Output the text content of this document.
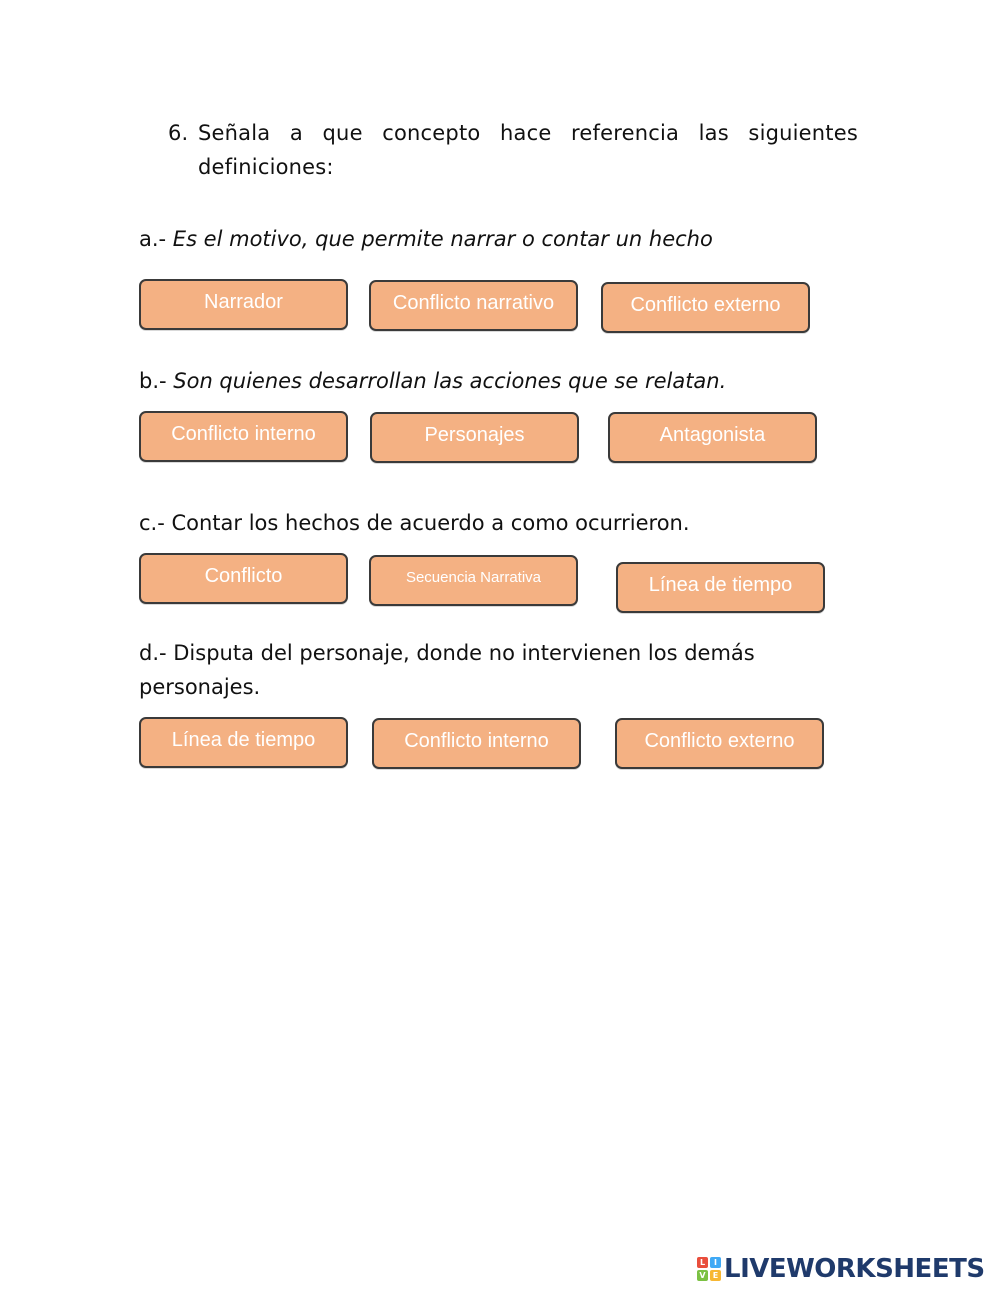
6. Señala a que concepto hace referencia las siguientes definiciones:
a.- Es el motivo, que permite narrar o contar un hecho
Narrador	Conflicto narrativo	Conflicto externo
b.- Son quienes desarrollan las acciones que se relatan.
Conflicto interno	Personajes	Antagonista
c.- Contar los hechos de acuerdo a como ocurrieron.
Conflicto	Secuencia Narrativa	Línea de tiempo
d.- Disputa del personaje, donde no intervienen los demás personajes.
Línea de tiempo	Conflicto interno	Conflicto externo
L	I
V E LIVEWORKSHEETS
